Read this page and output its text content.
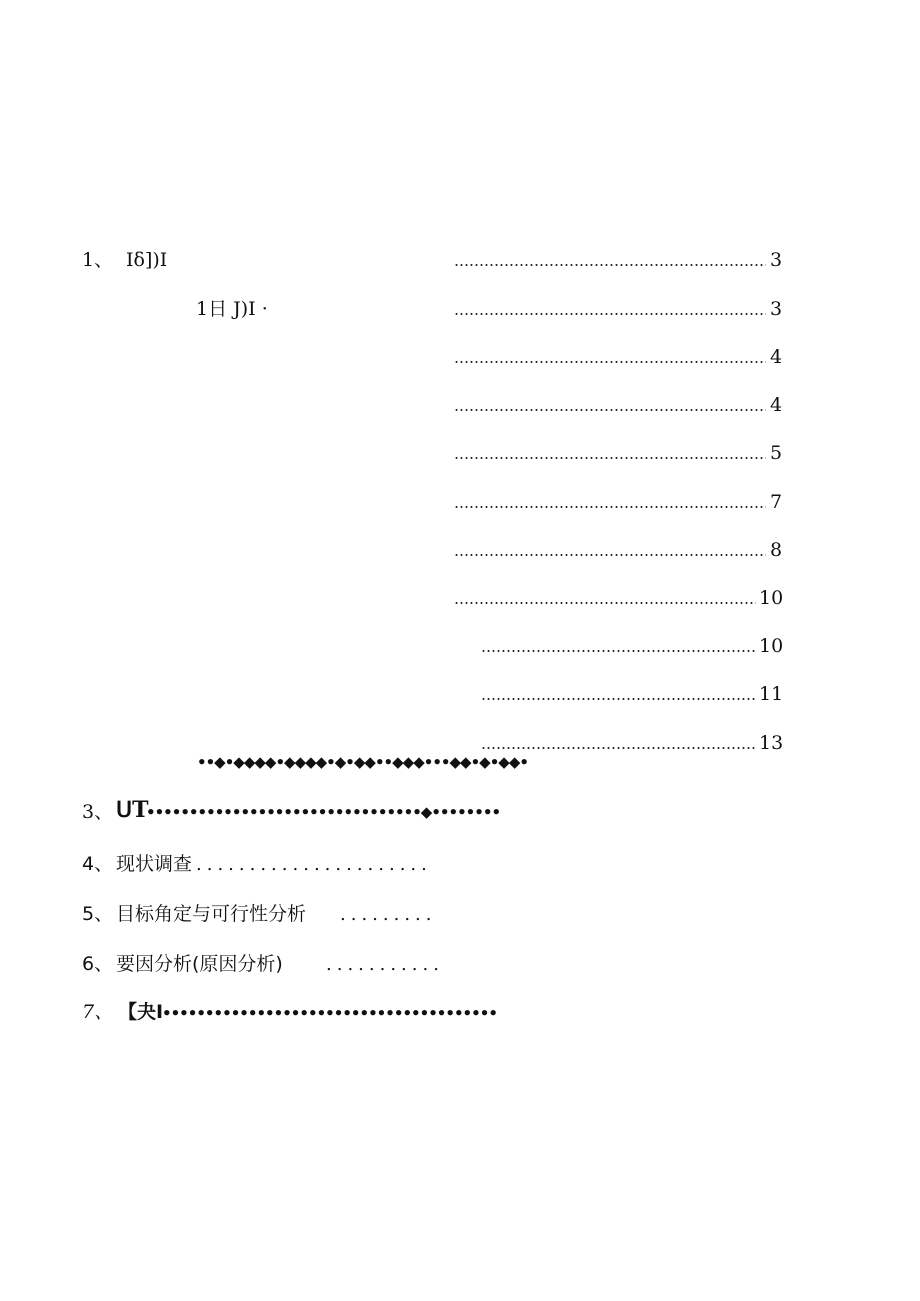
1、 Iδ])I	3
1日 J)I ·	3
4
4
5
7
8
10
10
11
13
••◆•◆◆◆◆•◆◆◆◆•◆•◆◆••◆◆◆•••◆◆•◆•◆◆•
3、 ᑌT
••••••••••••••••••••••••••••••••◆••••••••
4、 现状调查 ......................
5、 目标角定与可行性分析 .........
6、 要因分析(原因分析) ...........
7、 【夬I
•••••••••••••••••••••••••••••••••••••••
